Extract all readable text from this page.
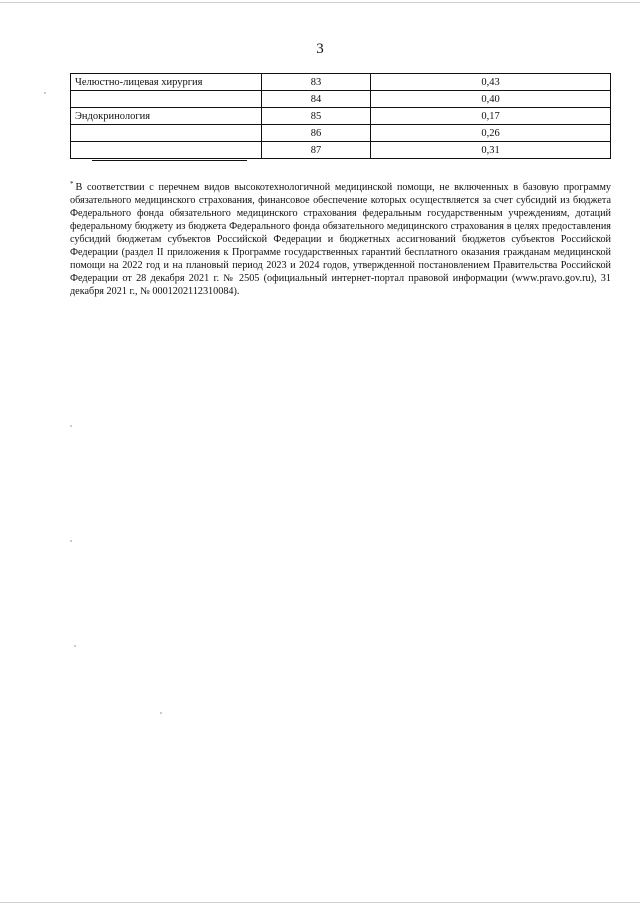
3
Челюстно-лицевая хирургия	83	0,43
	84	0,40
Эндокринология	85	0,17
	86	0,26
	87	0,31

* В соответствии с перечнем видов высокотехнологичной медицинской помощи, не включенных в базовую программу обязательного медицинского страхования, финансовое обеспечение которых осуществляется за счет субсидий из бюджета Федерального фонда обязательного медицинского страхования федеральным государственным учреждениям, дотаций федеральному бюджету из бюджета Федерального фонда обязательного медицинского страхования в целях предоставления субсидий бюджетам субъектов Российской Федерации и бюджетных ассигнований бюджетов субъектов Российской Федерации (раздел II приложения к Программе государственных гарантий бесплатного оказания гражданам медицинской помощи на 2022 год и на плановый период 2023 и 2024 годов, утвержденной постановлением Правительства Российской Федерации от 28 декабря 2021 г. № 2505 (официальный интернет-портал правовой информации (www.pravo.gov.ru), 31 декабря 2021 г., № 0001202112310084).
